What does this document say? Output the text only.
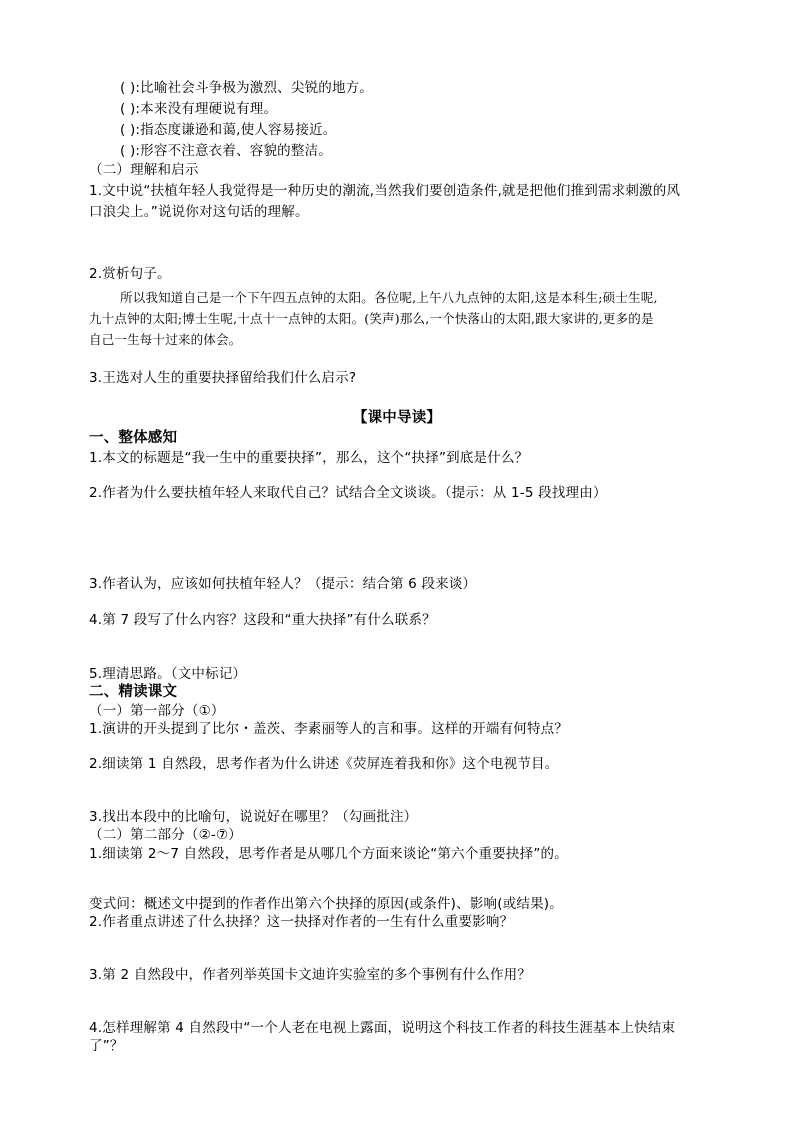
( ):比喻社会斗争极为激烈、尖锐的地方。
( ):本来没有理硬说有理。
( ):指态度谦逊和蔼,使人容易接近。
( ):形容不注意衣着、容貌的整洁。
（二）理解和启示
1.文中说“扶植年轻人我觉得是一种历史的潮流,当然我们要创造条件,就是把他们推到需求刺激的风
口浪尖上。”说说你对这句话的理解。
2.赏析句子。
所以我知道自己是一个下午四五点钟的太阳。各位呢,上午八九点钟的太阳,这是本科生;硕士生呢,
九十点钟的太阳;博士生呢,十点十一点钟的太阳。(笑声)那么,一个快落山的太阳,跟大家讲的,更多的是
自己一生每十过来的体会。
3.王选对人生的重要抉择留给我们什么启示?
【课中导读】
一、整体感知
1.本文的标题是“我一生中的重要抉择”，那么，这个“抉择”到底是什么？
2.作者为什么要扶植年轻人来取代自己？试结合全文谈谈。（提示：从 1-5 段找理由）
3.作者认为，应该如何扶植年轻人？（提示：结合第 6 段来谈）
4.第 7 段写了什么内容？这段和“重大抉择”有什么联系？
5.理清思路。（文中标记）
二、精读课文
（一）第一部分（①）
1.演讲的开头提到了比尔・盖茨、李素丽等人的言和事。这样的开端有何特点？
2.细读第 1 自然段，思考作者为什么讲述《荧屏连着我和你》这个电视节目。
3.找出本段中的比喻句，说说好在哪里？（勾画批注）
（二）第二部分（②-⑦）
1.细读第 2～7 自然段，思考作者是从哪几个方面来谈论“第六个重要抉择”的。
变式问：概述文中提到的作者作出第六个抉择的原因(或条件)、影响(或结果)。
2.作者重点讲述了什么抉择？这一抉择对作者的一生有什么重要影响？
3.第 2 自然段中，作者列举英国卡文迪许实验室的多个事例有什么作用？
4.怎样理解第 4 自然段中“一个人老在电视上露面，说明这个科技工作者的科技生涯基本上快结束
了”？
